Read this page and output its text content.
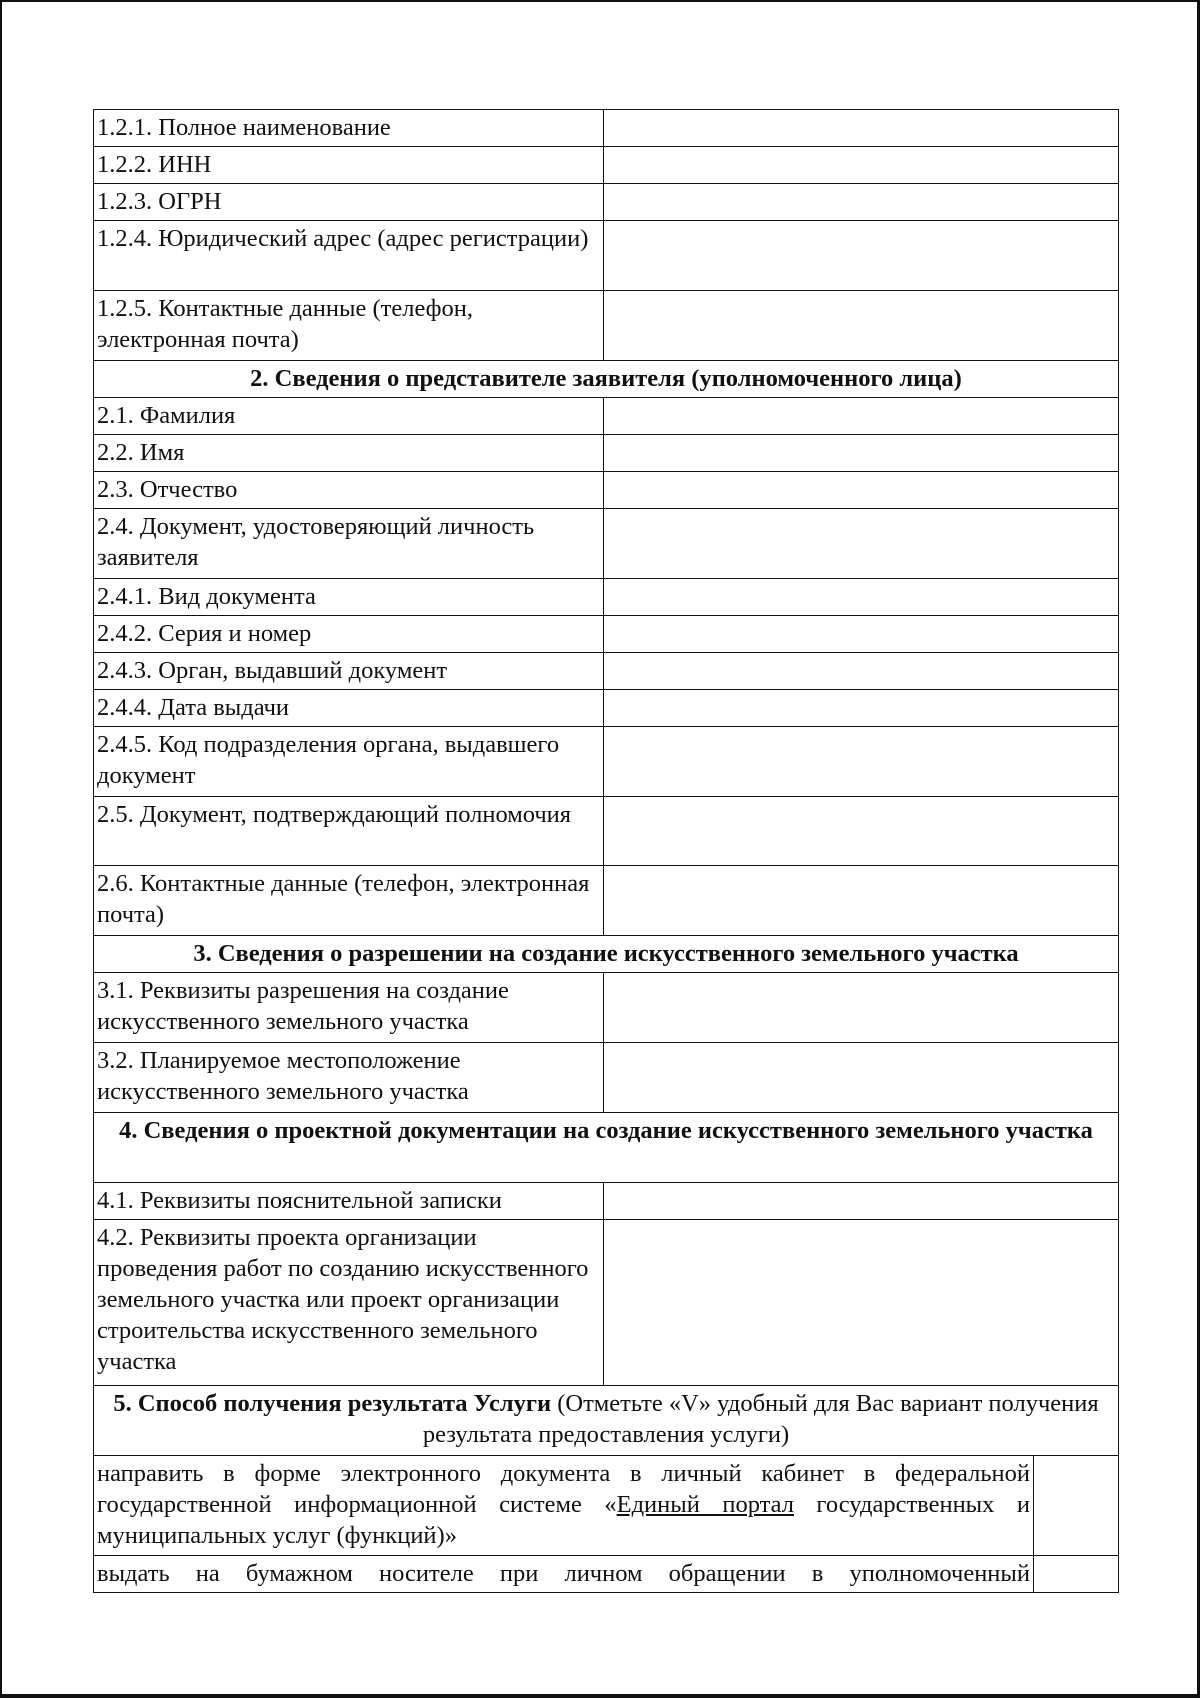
1.2.1. Полное наименование		
1.2.2. ИНН		
1.2.3. ОГРН		
1.2.4. Юридический адрес (адрес регистрации)		
1.2.5. Контактные данные (телефон, электронная почта)		
2. Сведения о представителе заявителя (уполномоченного лица)		
2.1. Фамилия		
2.2. Имя		
2.3. Отчество		
2.4. Документ, удостоверяющий личность заявителя		
2.4.1. Вид документа		
2.4.2. Серия и номер		
2.4.3. Орган, выдавший документ		
2.4.4. Дата выдачи		
2.4.5. Код подразделения органа, выдавшего документ		
2.5. Документ, подтверждающий полномочия		
2.6. Контактные данные (телефон, электронная почта)		
3. Сведения о разрешении на создание искусственного земельного участка		
3.1. Реквизиты разрешения на создание искусственного земельного участка		
3.2. Планируемое местоположение искусственного земельного участка		
4. Сведения о проектной документации на создание искусственного земельного участка		
4.1. Реквизиты пояснительной записки		
4.2. Реквизиты проекта организации проведения работ по созданию искусственного земельного участка или проект организации строительства искусственного земельного участка		
5. Способ получения результата Услуги (Отметьте «V» удобный для Вас вариант получения результата предоставления услуги)		
направить в форме электронного документа в личный кабинет в федеральной государственной информационной системе «Единый портал государственных и муниципальных услуг (функций)»		
выдать на бумажном носителе при личном обращении в уполномоченный		
